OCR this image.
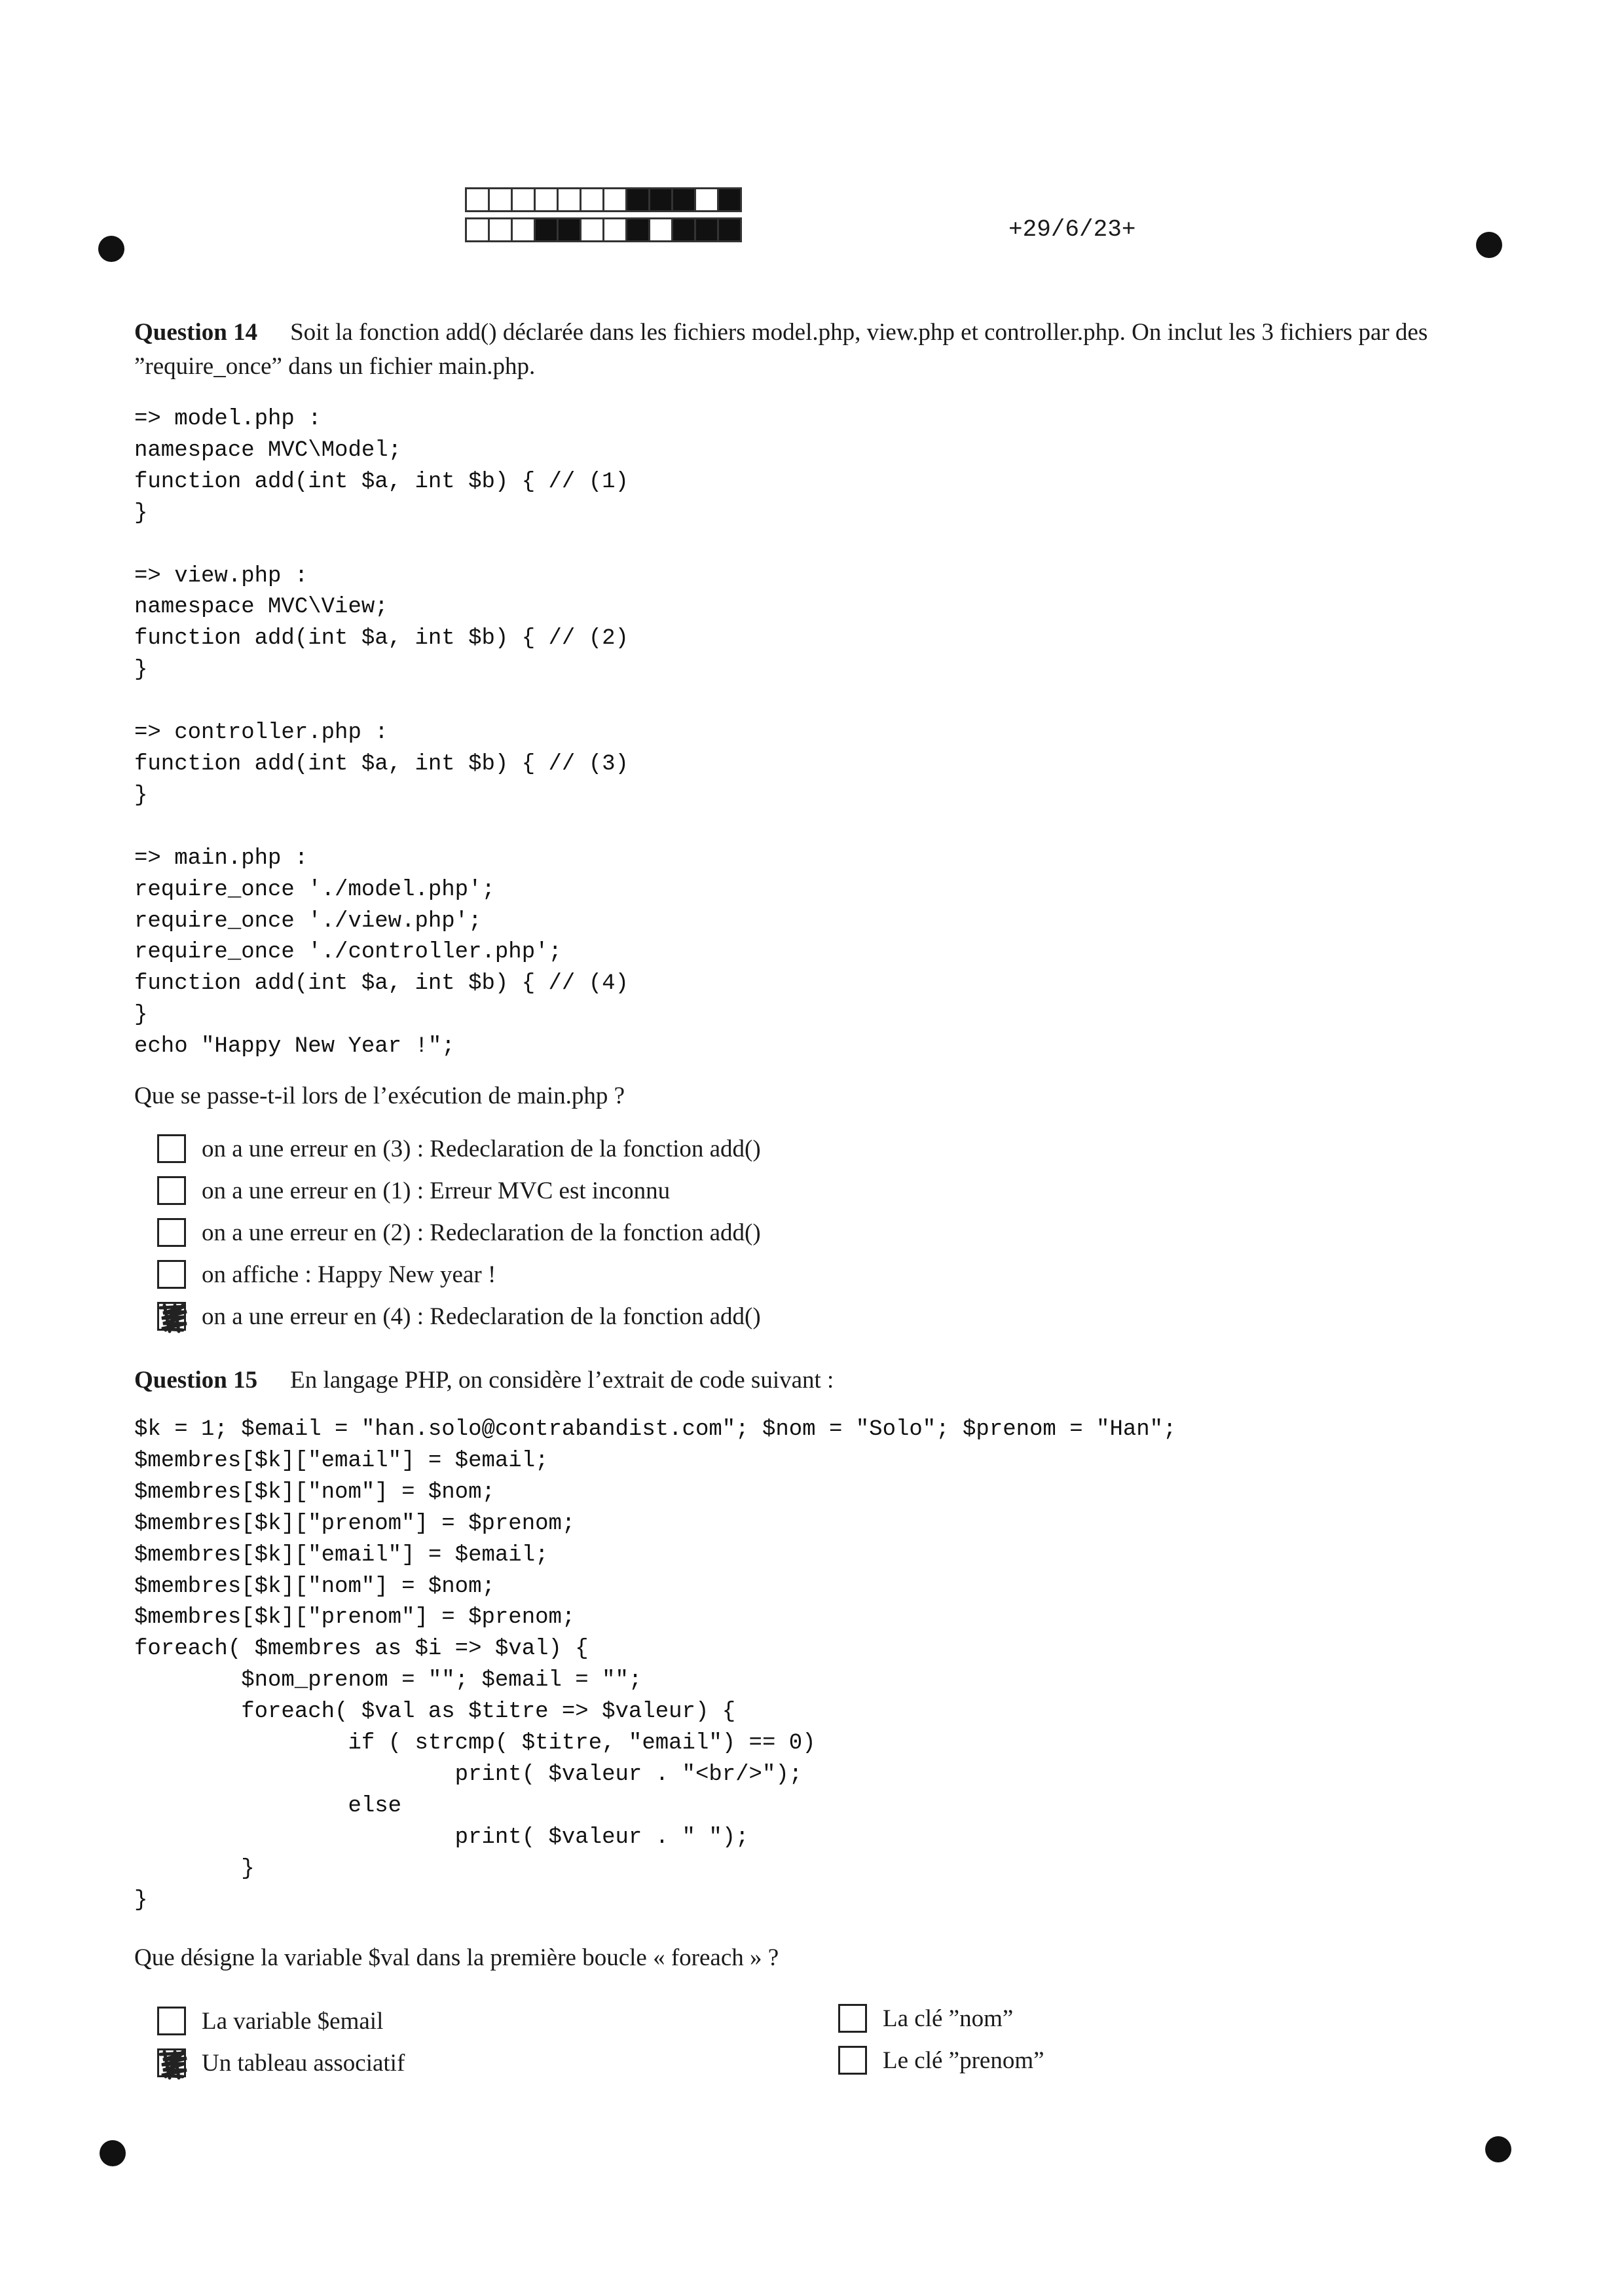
+29/6/23+
Question 14 Soit la fonction add() déclarée dans les fichiers model.php, view.php et controller.php. On inclut les 3 fichiers par des ”require_once” dans un fichier main.php.
=> model.php :
namespace MVC\Model;
function add(int $a, int $b) { // (1)
}

=> view.php :
namespace MVC\View;
function add(int $a, int $b) { // (2)
}

=> controller.php :
function add(int $a, int $b) { // (3)
}

=> main.php :
require_once './model.php';
require_once './view.php';
require_once './controller.php';
function add(int $a, int $b) { // (4)
}
echo "Happy New Year !";
Que se passe-t-il lors de l’exécution de main.php ?
on a une erreur en (3) : Redeclaration de la fonction add()
on a une erreur en (1) : Erreur MVC est inconnu
on a une erreur en (2) : Redeclaration de la fonction add()
on affiche : Happy New year !
on a une erreur en (4) : Redeclaration de la fonction add()
Question 15 En langage PHP, on considère l’extrait de code suivant :
$k = 1; $email = "han.solo@contrabandist.com"; $nom = "Solo"; $prenom = "Han";
$membres[$k]["email"] = $email;
$membres[$k]["nom"] = $nom;
$membres[$k]["prenom"] = $prenom;
$membres[$k]["email"] = $email;
$membres[$k]["nom"] = $nom;
$membres[$k]["prenom"] = $prenom;
foreach( $membres as $i => $val) {
$nom_prenom = ""; $email = "";
foreach( $val as $titre => $valeur) {
if ( strcmp( $titre, "email") == 0)
print( $valeur . "<br/>");
else
print( $valeur . " ");
}
}
Que désigne la variable $val dans la première boucle « foreach » ?
La variable $email
Un tableau associatif
La clé ”nom”
Le clé ”prenom”
